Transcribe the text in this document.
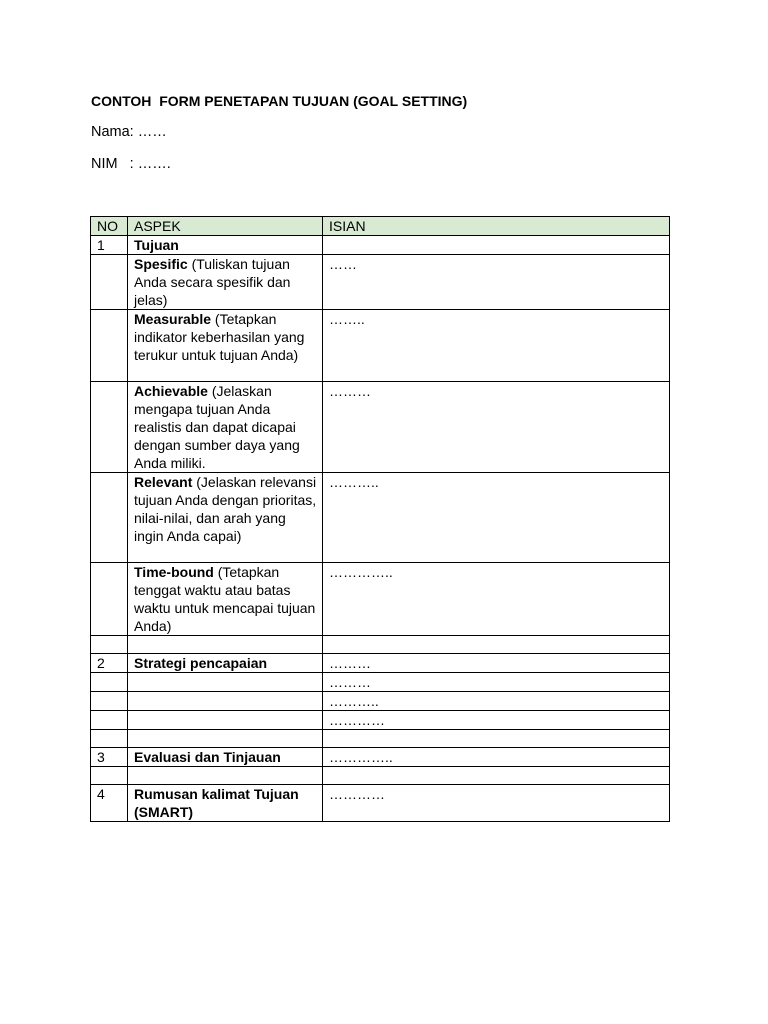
CONTOH  FORM PENETAPAN TUJUAN (GOAL SETTING)
Nama: ……
NIM   : …….
NO	ASPEK	ISIAN
1	Tujuan	
	Spesific (Tuliskan tujuan Anda secara spesifik dan jelas)	……
	Measurable (Tetapkan indikator keberhasilan yang terukur untuk tujuan Anda)	……..
	Achievable (Jelaskan mengapa tujuan Anda realistis dan dapat dicapai dengan sumber daya yang Anda miliki.	………
	Relevant (Jelaskan relevansi tujuan Anda dengan prioritas, nilai-nilai, dan arah yang ingin Anda capai)	………..
	Time-bound (Tetapkan tenggat waktu atau batas waktu untuk mencapai tujuan Anda)	…………..

2	Strategi pencapaian	………
		………
		………..
		…………

3	Evaluasi dan Tinjauan	…………..

4	Rumusan kalimat Tujuan (SMART)	…………
